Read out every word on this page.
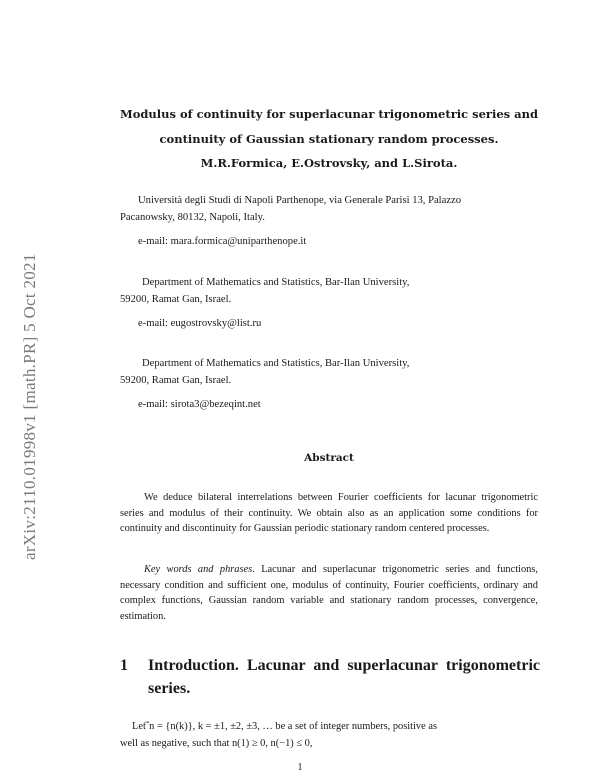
arXiv:2110.01998v1 [math.PR] 5 Oct 2021
Modulus of continuity for superlacunar trigonometric series and
continuity of Gaussian stationary random processes.
M.R.Formica, E.Ostrovsky, and L.Sirota.
Università degli Studi di Napoli Parthenope, via Generale Parisi 13, Palazzo
Pacanowsky, 80132, Napoli, Italy.
e-mail: mara.formica@uniparthenope.it
Department of Mathematics and Statistics, Bar-Ilan University,
59200, Ramat Gan, Israel.
e-mail: eugostrovsky@list.ru
Department of Mathematics and Statistics, Bar-Ilan University,
59200, Ramat Gan, Israel.
e-mail: sirota3@bezeqint.net
Abstract
We deduce bilateral interrelations between Fourier coefficients for lacunar trigonometric series and modulus of their continuity. We obtain also as an application some conditions for continuity and discontinuity for Gaussian periodic stationary random centered processes.
Key words and phrases. Lacunar and superlacunar trigonometric series and functions, necessary condition and sufficient one, modulus of continuity, Fourier coefficients, ordinary and complex functions, Gaussian random variable and stationary random processes, convergence, estimation.
1 Introduction. Lacunar and superlacunar trigonometric series.
Let ⃗n = {n(k)}, k = ±1, ±2, ±3, … be a set of integer numbers, positive as
well as negative, such that n(1) ≥ 0, n(−1) ≤ 0,
1
